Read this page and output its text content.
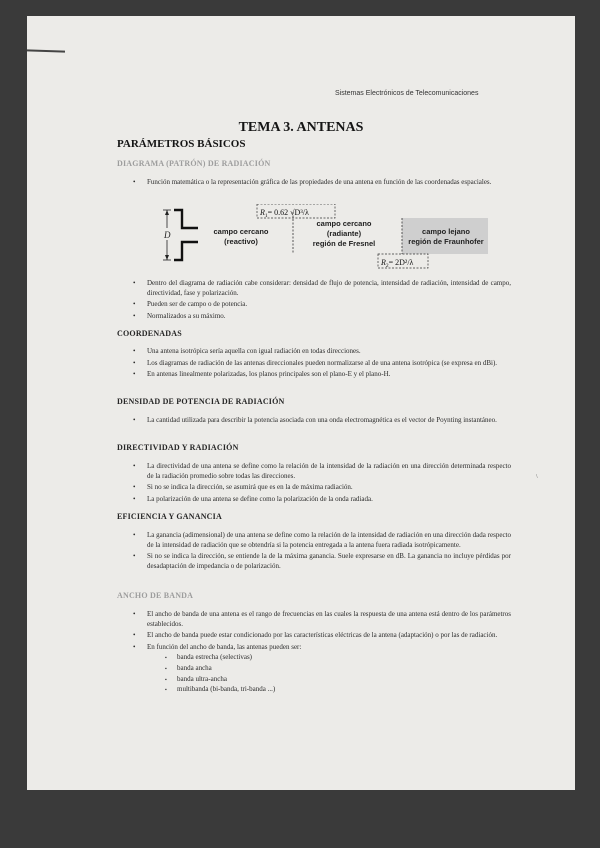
Sistemas Electrónicos de Telecomunicaciones
TEMA 3. ANTENAS
PARÁMETROS BÁSICOS
DIAGRAMA (PATRÓN) DE RADIACIÓN
• Función matemática o la representación gráfica de las propiedades de una antena en función de las coordenadas espaciales.
D	campo cercano
(reactivo)
$R_1= 0.62$ √D³/λ
campo cercano
(radiante)
región de Fresnel
campo lejano
región de Fraunhofer
$R_2= 2D^2/\lambda$
• Dentro del diagrama de radiación cabe considerar: densidad de flujo de potencia, intensidad de radiación, intensidad de campo, directividad, fase y polarización.
• Pueden ser de campo o de potencia.
• Normalizados a su máximo.
COORDENADAS
• Una antena isotrópica sería aquella con igual radiación en todas direcciones.
• Los diagramas de radiación de las antenas direccionales pueden normalizarse al de una antena isotrópica (se expresa en dBi).
• En antenas linealmente polarizadas, los planos principales son el plano-E y el plano-H.
DENSIDAD DE POTENCIA DE RADIACIÓN
• La cantidad utilizada para describir la potencia asociada con una onda electromagnética es el vector de Poynting instantáneo.
DIRECTIVIDAD Y RADIACIÓN
• La directividad de una antena se define como la relación de la intensidad de la radiación en una dirección determinada respecto de la radiación promedio sobre todas las direcciones.
• Si no se indica la dirección, se asumirá que es en la de máxima radiación.
• La polarización de una antena se define como la polarización de la onda radiada.
EFICIENCIA Y GANANCIA
• La ganancia (adimensional) de una antena se define como la relación de la intensidad de radiación en una dirección dada respecto de la intensidad de radiación que se obtendría si la potencia entregada a la antena fuera radiada isotrópicamente.
• Si no se indica la dirección, se entiende la de la máxima ganancia. Suele expresarse en dB. La ganancia no incluye pérdidas por desadaptación de impedancia o de polarización.
ANCHO DE BANDA
• El ancho de banda de una antena es el rango de frecuencias en las cuales la respuesta de una antena está dentro de los parámetros establecidos.
• El ancho de banda puede estar condicionado por las características eléctricas de la antena (adaptación) o por las de radiación.
• En función del ancho de banda, las antenas pueden ser:
▪ banda estrecha (selectivas)
▪ banda ancha
▪ banda ultra-ancha
▪ multibanda (bi-banda, tri-banda ...)
\
